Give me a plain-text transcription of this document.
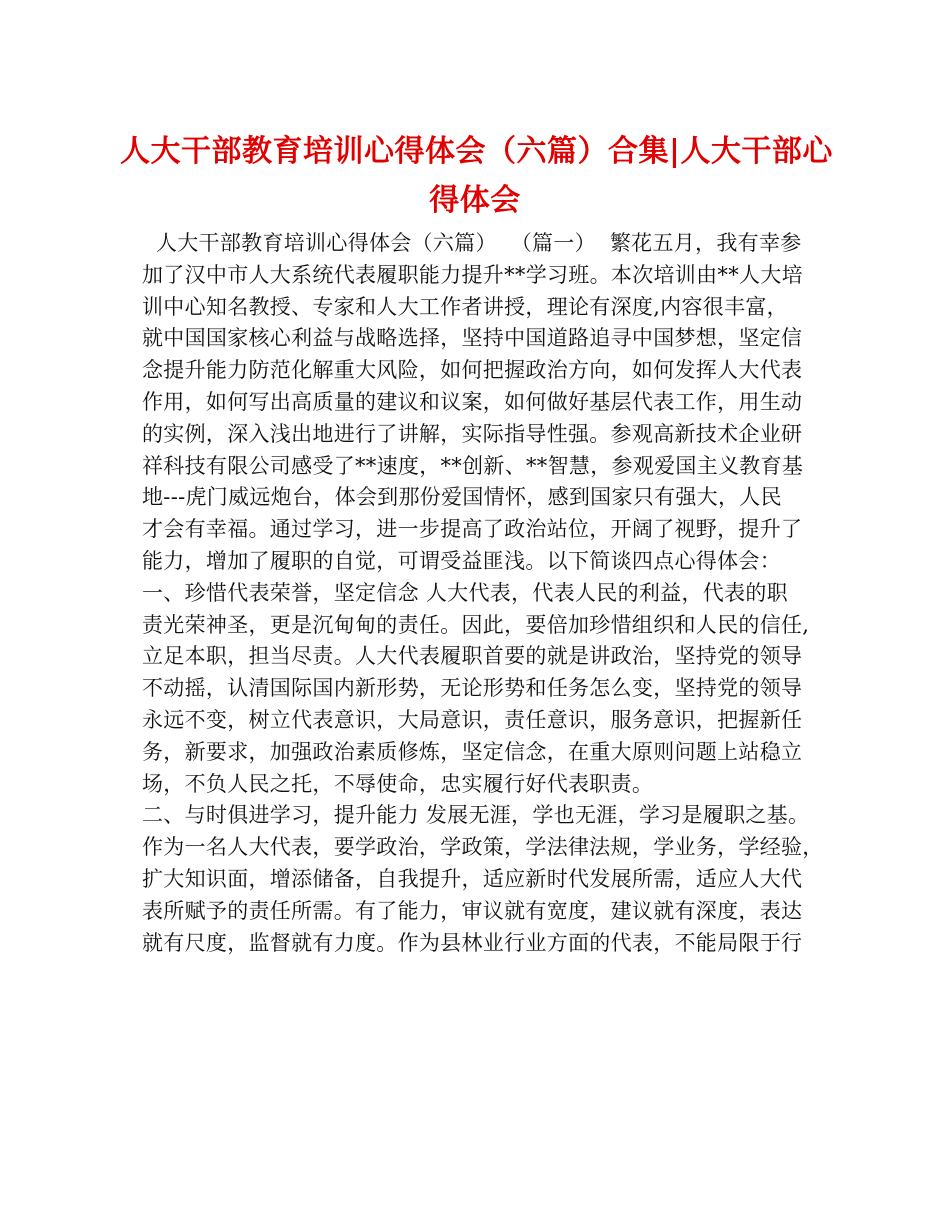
人大干部教育培训心得体会（六篇）合集|人大干部心
得体会
人大干部教育培训心得体会（六篇）  （篇一）  繁花五月，我有幸参
加了汉中市人大系统代表履职能力提升**学习班。本次培训由**人大培
训中心知名教授、专家和人大工作者讲授，理论有深度,内容很丰富，
就中国国家核心利益与战略选择，坚持中国道路追寻中国梦想，坚定信
念提升能力防范化解重大风险，如何把握政治方向，如何发挥人大代表
作用，如何写出高质量的建议和议案，如何做好基层代表工作，用生动
的实例，深入浅出地进行了讲解，实际指导性强。参观高新技术企业研
祥科技有限公司感受了**速度，**创新、**智慧，参观爱国主义教育基
地---虎门威远炮台，体会到那份爱国情怀，感到国家只有强大，人民
才会有幸福。通过学习，进一步提高了政治站位，开阔了视野，提升了
能力，增加了履职的自觉，可谓受益匪浅。以下简谈四点心得体会：
一、珍惜代表荣誉，坚定信念 人大代表，代表人民的利益，代表的职
责光荣神圣，更是沉甸甸的责任。因此，要倍加珍惜组织和人民的信任,
立足本职，担当尽责。人大代表履职首要的就是讲政治，坚持党的领导
不动摇，认清国际国内新形势，无论形势和任务怎么变，坚持党的领导
永远不变，树立代表意识，大局意识，责任意识，服务意识，把握新任
务，新要求，加强政治素质修炼，坚定信念，在重大原则问题上站稳立
场，不负人民之托，不辱使命，忠实履行好代表职责。
二、与时俱进学习，提升能力 发展无涯，学也无涯，学习是履职之基。
作为一名人大代表，要学政治，学政策，学法律法规，学业务，学经验，
扩大知识面，增添储备，自我提升，适应新时代发展所需，适应人大代
表所赋予的责任所需。有了能力，审议就有宽度，建议就有深度，表达
就有尺度，监督就有力度。作为县林业行业方面的代表，不能局限于行
